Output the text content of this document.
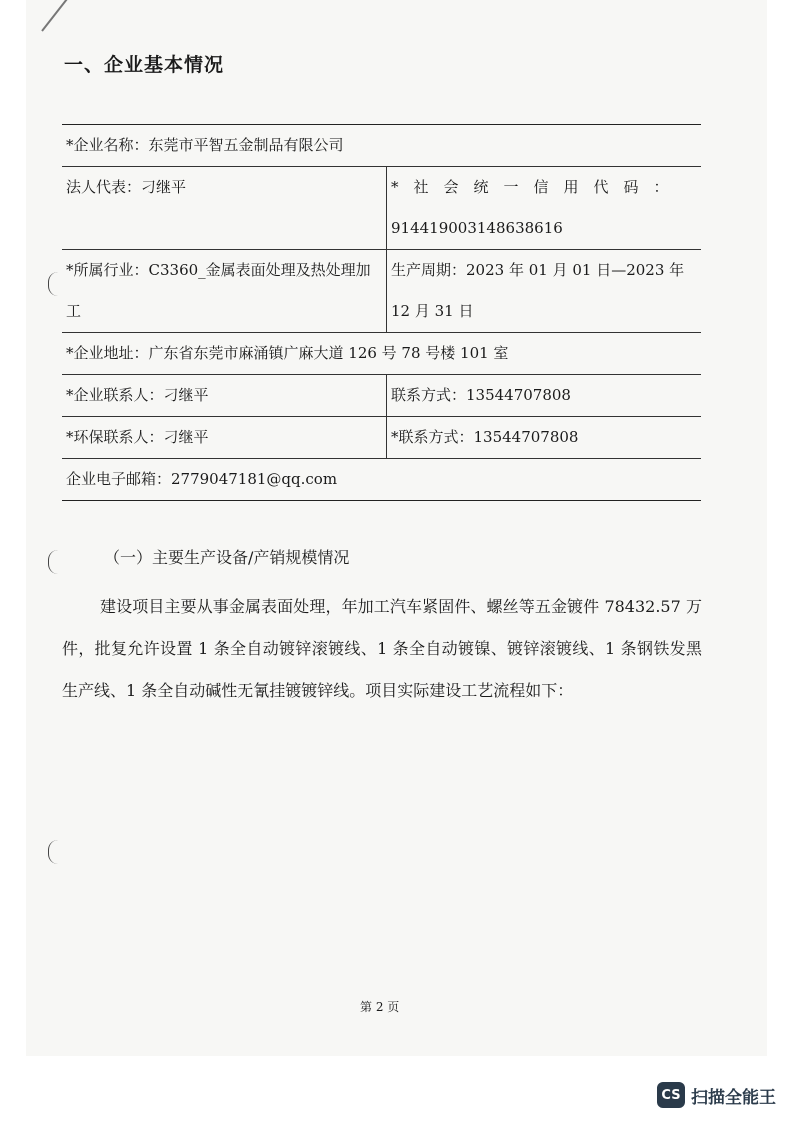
一、企业基本情况
*企业名称：东莞市平智五金制品有限公司	
法人代表：刁继平	*社会统一信用代码：
914419003148638616

*所属行业：C3360_金属表面处理及热处理加工	生产周期：2023 年 01 月 01 日—2023 年 12 月 31 日
*企业地址：广东省东莞市麻涌镇广麻大道 126 号 78 号楼 101 室	
*企业联系人：刁继平	联系方式：13544707808
*环保联系人：刁继平	*联系方式：13544707808
企业电子邮箱：2779047181@qq.com	
（一）主要生产设备/产销规模情况

建设项目主要从事金属表面处理，年加工汽车紧固件、螺丝等五金镀件 78432.57 万件，批复允许设置 1 条全自动镀锌滚镀线、1 条全自动镀镍、镀锌滚镀线、1 条钢铁发黑生产线、1 条全自动碱性无氰挂镀镀锌线。项目实际建设工艺流程如下：

第 2 页
CS 扫描全能王
